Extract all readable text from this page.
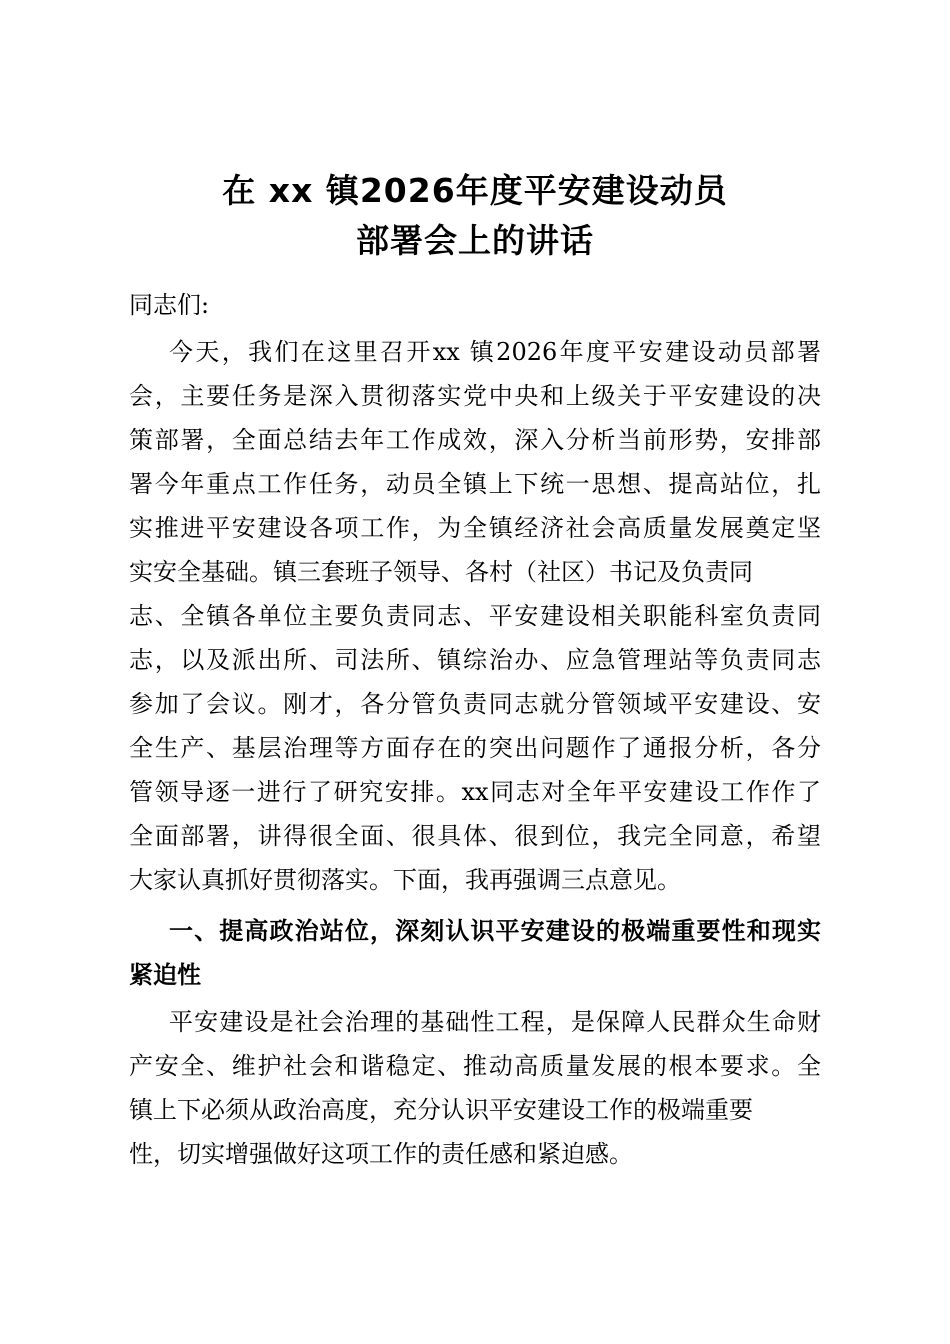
在 xx 镇2026年度平安建设动员
部署会上的讲话
同志们:
今天，我们在这里召开xx 镇2026年度平安建设动员部署
会，主要任务是深入贯彻落实党中央和上级关于平安建设的决
策部署，全面总结去年工作成效，深入分析当前形势，安排部
署今年重点工作任务，动员全镇上下统一思想、提高站位，扎
实推进平安建设各项工作，为全镇经济社会高质量发展奠定坚
实安全基础。镇三套班子领导、各村（社区）书记及负责同
志、全镇各单位主要负责同志、平安建设相关职能科室负责同
志，以及派出所、司法所、镇综治办、应急管理站等负责同志
参加了会议。刚才，各分管负责同志就分管领域平安建设、安
全生产、基层治理等方面存在的突出问题作了通报分析，各分
管领导逐一进行了研究安排。xx同志对全年平安建设工作作了
全面部署，讲得很全面、很具体、很到位，我完全同意，希望
大家认真抓好贯彻落实。下面，我再强调三点意见。
一、提高政治站位，深刻认识平安建设的极端重要性和现实
紧迫性
平安建设是社会治理的基础性工程，是保障人民群众生命财
产安全、维护社会和谐稳定、推动高质量发展的根本要求。全
镇上下必须从政治高度，充分认识平安建设工作的极端重要
性，切实增强做好这项工作的责任感和紧迫感。
